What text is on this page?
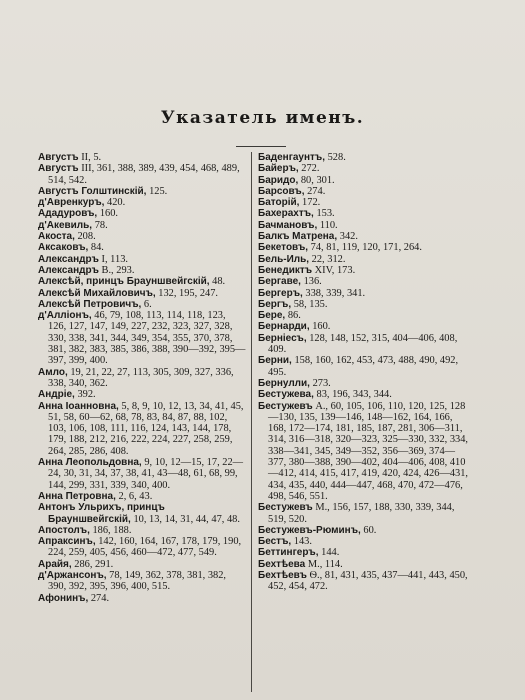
Указатель именъ.

Августъ II, 5.

Августъ III, 361, 388, 389, 439, 454, 468, 489, 514, 542.

Августъ Голштинскій, 125.

д'Авренкуръ, 420.

Ададуровъ, 160.

д'Акевиль, 78.

Акоста, 208.

Аксаковъ, 84.

Александръ I, 113.

Александръ В., 293.

Алексѣй, принцъ Брауншвейгскій, 48.

Алексѣй Михайловичъ, 132, 195, 247.

Алексѣй Петровичъ, 6.

д'Алліонъ, 46, 79, 108, 113, 114, 118, 123, 126, 127, 147, 149, 227, 232, 323, 327, 328, 330, 338, 341, 344, 349, 354, 355, 370, 378, 381, 382, 383, 385, 386, 388, 390—392, 395—397, 399, 400.

Амло, 19, 21, 22, 27, 113, 305, 309, 327, 336, 338, 340, 362.

Андріе, 392.

Анна Іоанновна, 5, 8, 9, 10, 12, 13, 34, 41, 45, 51, 58, 60—62, 68, 78, 83, 84, 87, 88, 102, 103, 106, 108, 111, 116, 124, 143, 144, 178, 179, 188, 212, 216, 222, 224, 227, 258, 259, 264, 285, 286, 408.

Анна Леопольдовна, 9, 10, 12—15, 17, 22—24, 30, 31, 34, 37, 38, 41, 43—48, 61, 68, 99, 144, 299, 331, 339, 340, 400.

Анна Петровна, 2, 6, 43.

Антонъ Ульрихъ, принцъ Брауншвейгскій, 10, 13, 14, 31, 44, 47, 48.

Апостолъ, 186, 188.

Апраксинъ, 142, 160, 164, 167, 178, 179, 190, 224, 259, 405, 456, 460—472, 477, 549.

Арайя, 286, 291.

д'Аржансонъ, 78, 149, 362, 378, 381, 382, 390, 392, 395, 396, 400, 515.

Афонинъ, 274.

Баденгаунтъ, 528.

Байеръ, 272.

Баридо, 80, 301.

Барсовъ, 274.

Баторій, 172.

Бахерахтъ, 153.

Бачмановъ, 110.

Балкъ Матрена, 342.

Бекетовъ, 74, 81, 119, 120, 171, 264.

Бель-Иль, 22, 312.

Бенедиктъ XIV, 173.

Бергаве, 136.

Бергеръ, 338, 339, 341.

Бергъ, 58, 135.

Бере, 86.

Бернарди, 160.

Берніесъ, 128, 148, 152, 315, 404—406, 408, 409.

Берни, 158, 160, 162, 453, 473, 488, 490, 492, 495.

Бернулли, 273.

Бестужева, 83, 196, 343, 344.

Бестужевъ А., 60, 105, 106, 110, 120, 125, 128—130, 135, 139—146, 148—162, 164, 166, 168, 172—174, 181, 185, 187, 281, 306—311, 314, 316—318, 320—323, 325—330, 332, 334, 338—341, 345, 349—352, 356—369, 374—377, 380—388, 390—402, 404—406, 408, 410—412, 414, 415, 417, 419, 420, 424, 426—431, 434, 435, 440, 444—447, 468, 470, 472—476, 498, 546, 551.

Бестужевъ М., 156, 157, 188, 330, 339, 344, 519, 520.

Бестужевъ-Рюминъ, 60.

Бестъ, 143.

Беттингеръ, 144.

Бехтѣева М., 114.

Бехтѣевъ Ѳ., 81, 431, 435, 437—441, 443, 450, 452, 454, 472.
